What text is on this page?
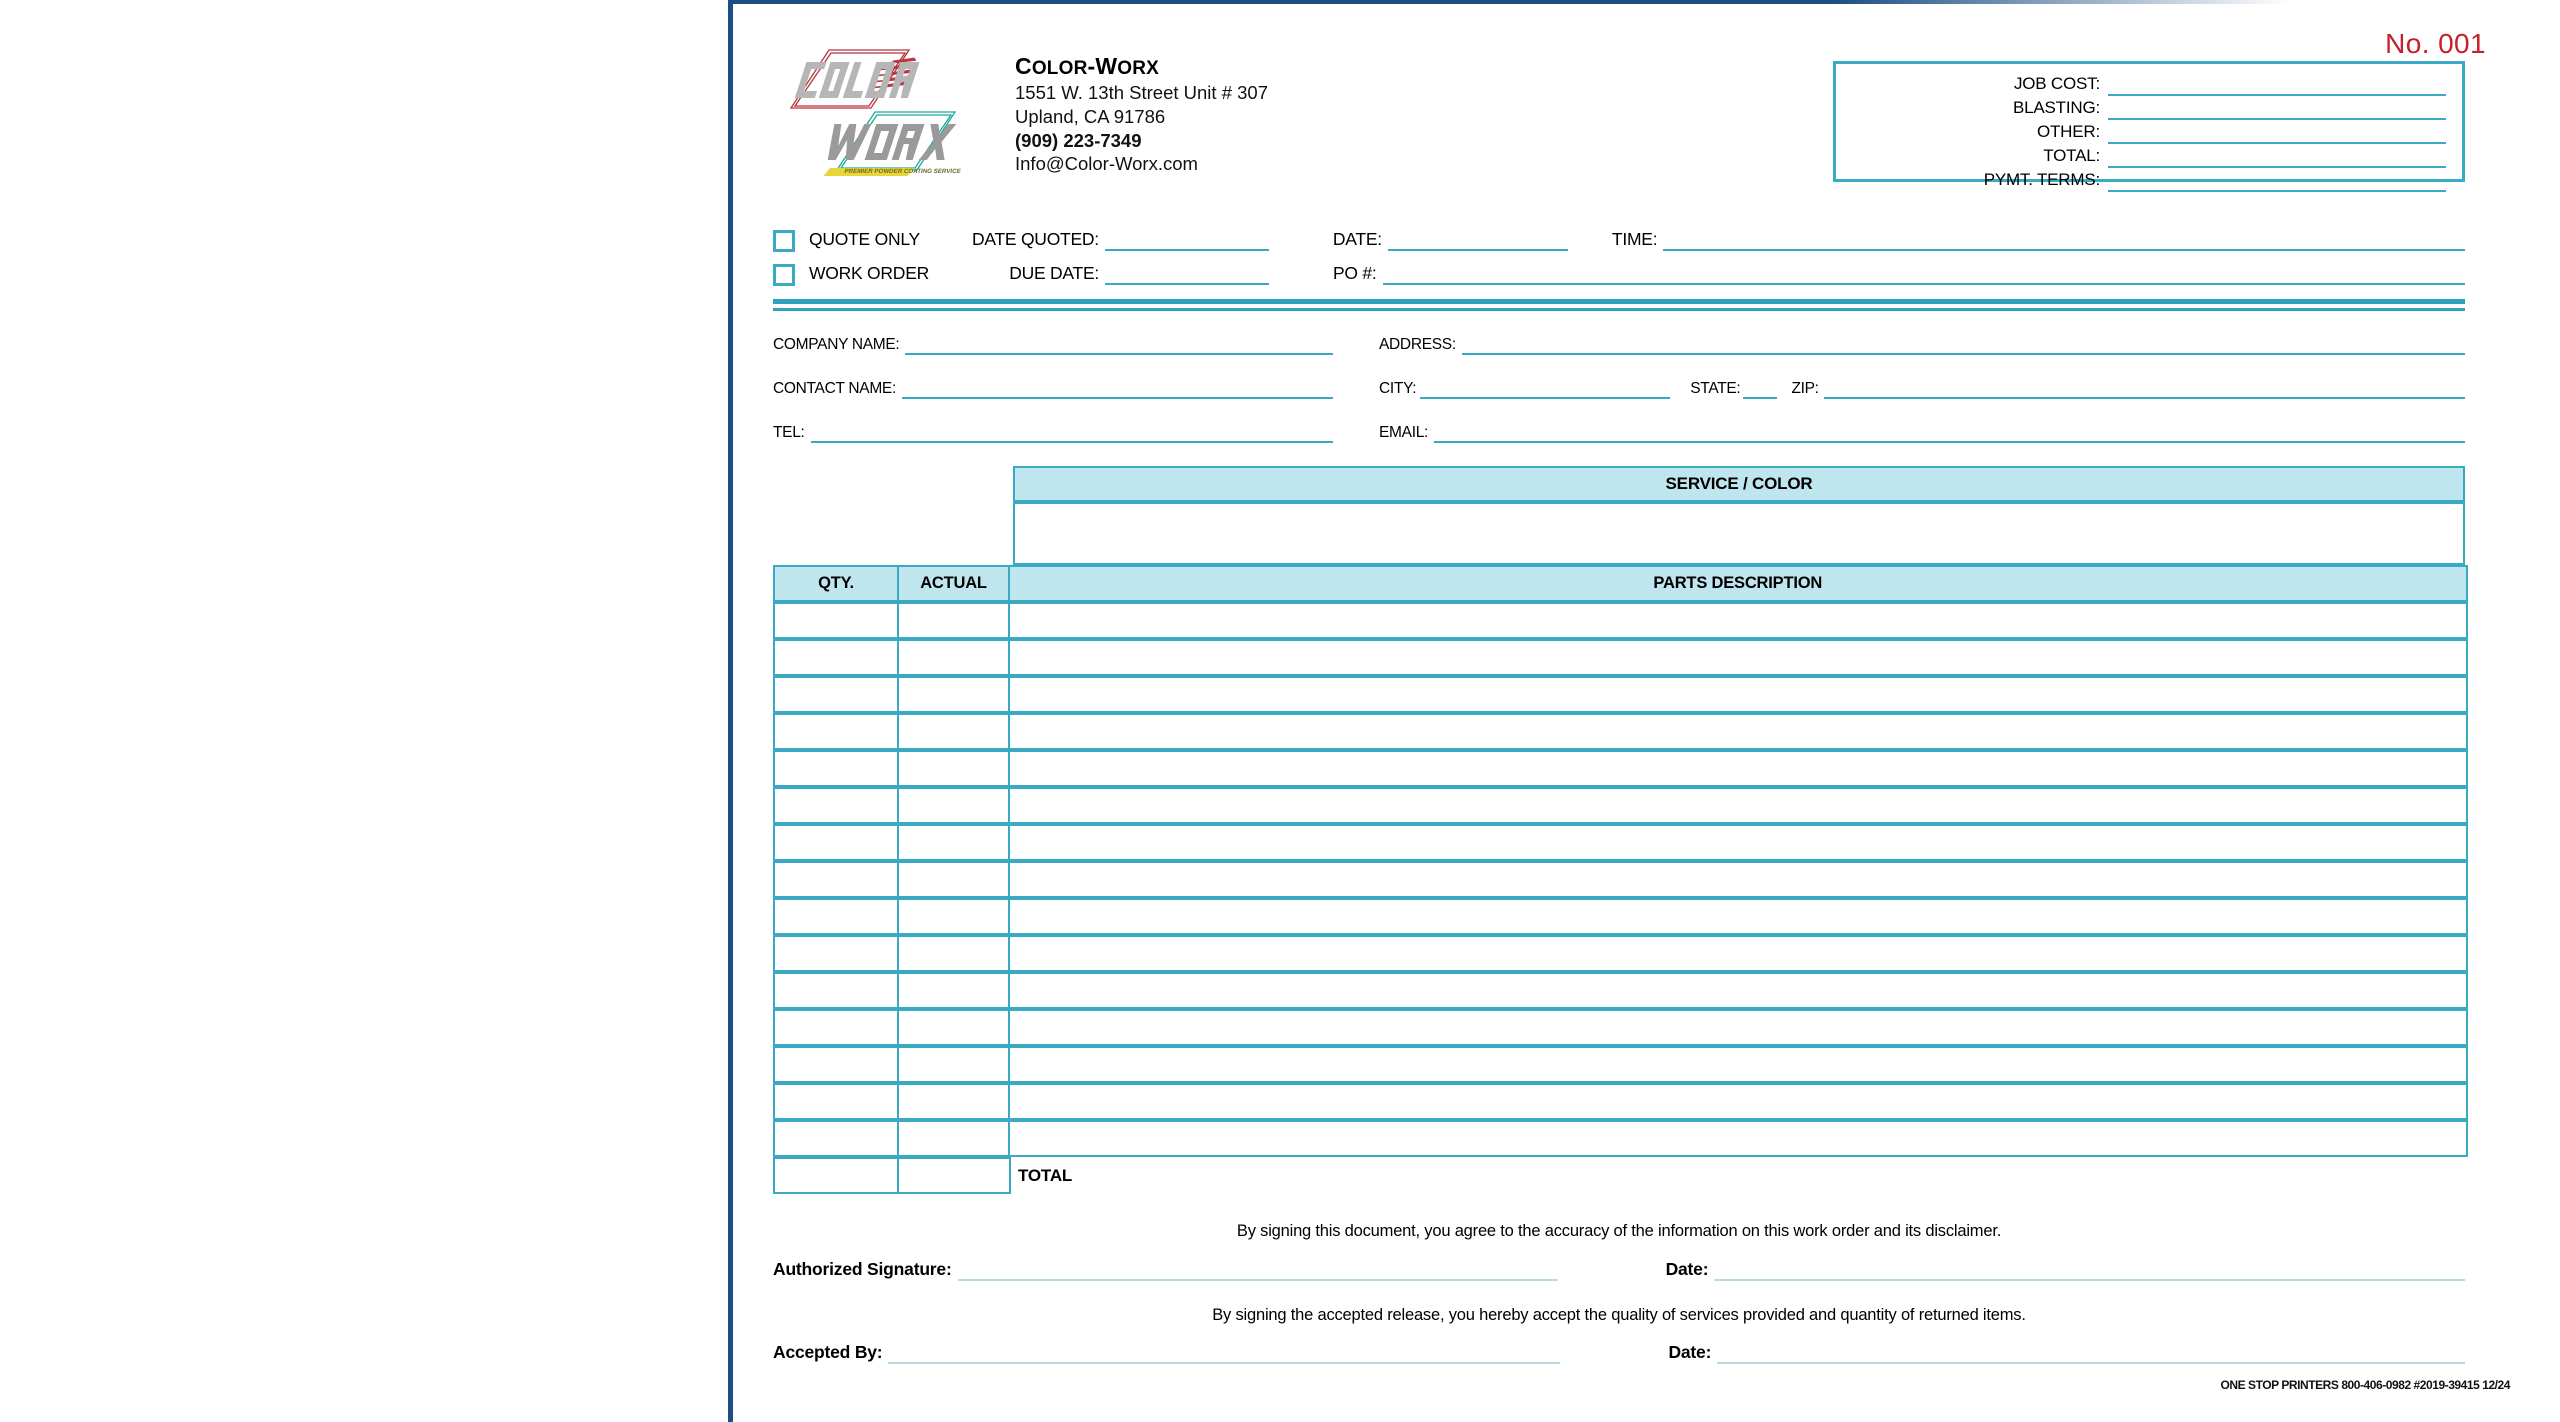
No. 001
PREMIER POWDER COATING SERVICE
COLOR-WORX
1551 W. 13th Street Unit # 307
Upland, CA 91786
(909) 223-7349
Info@Color-Worx.com
JOB COST:
BLASTING:
OTHER:
TOTAL:
PYMT. TERMS:
QUOTE ONLY	DATE QUOTED:	DATE:	TIME:
WORK ORDER	DUE DATE:	PO #:
COMPANY NAME:	ADDRESS:
CONTACT NAME:	CITY:	STATE:	ZIP:
TEL:	EMAIL:
SERVICE / COLOR
QTY.	ACTUAL	PARTS DESCRIPTION
TOTAL
By signing this document, you agree to the accuracy of the information on this work order and its disclaimer.
Authorized Signature:	Date:
By signing the accepted release, you hereby accept the quality of services provided and quantity of returned items.
Accepted By:	Date:
ONE STOP PRINTERS 800-406-0982 #2019-39415 12/24
